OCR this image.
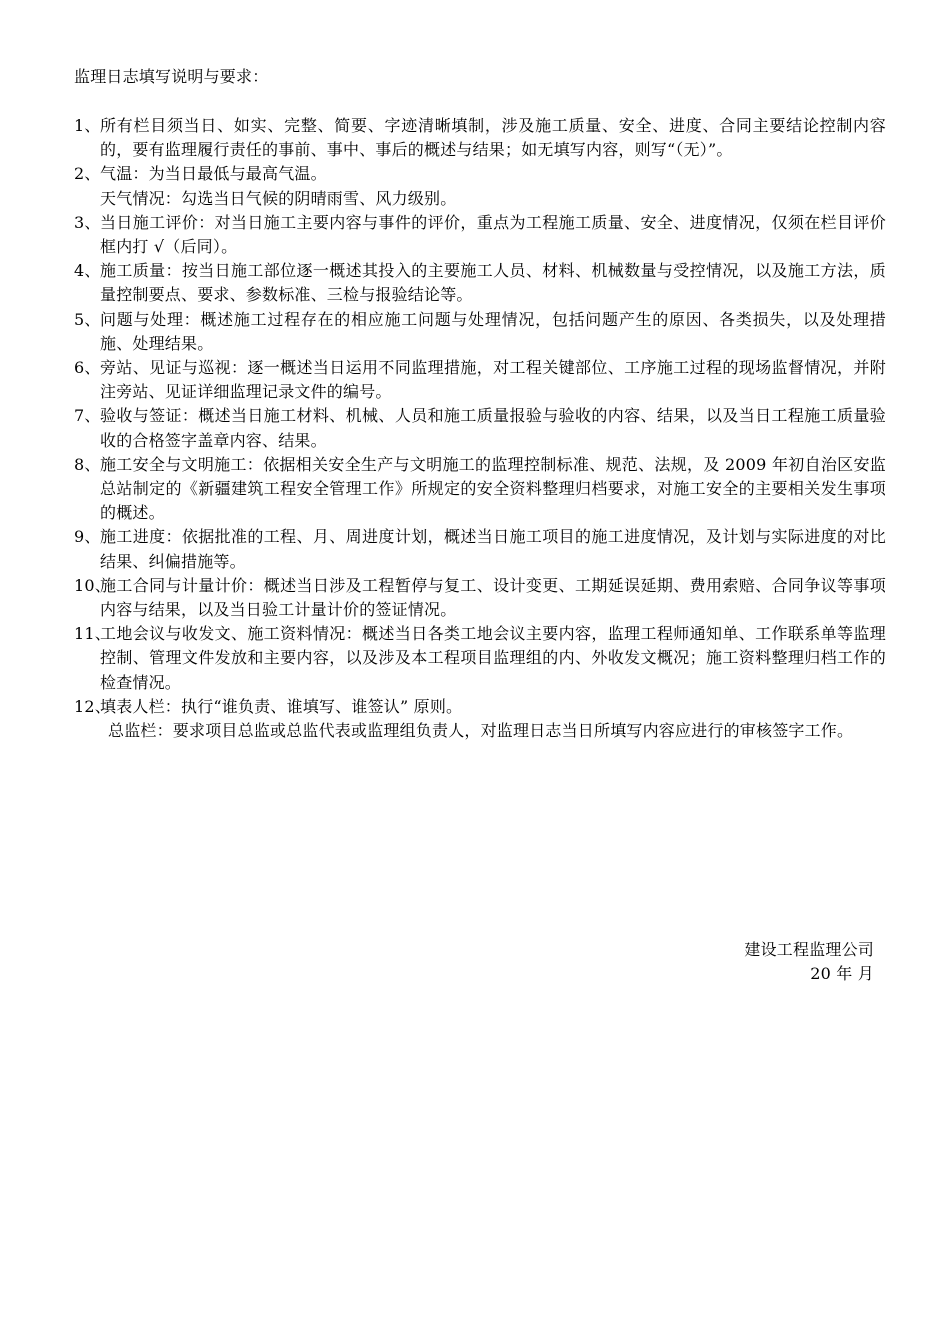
监理日志填写说明与要求：
1、 所有栏目须当日、如实、完整、简要、字迹清晰填制，涉及施工质量、安全、进度、合同主要结论控制内容的，要有监理履行责任的事前、事中、事后的概述与结果；如无填写内容，则写“（无）”。
2、 气温：为当日最低与最高气温。
天气情况：勾选当日气候的阴晴雨雪、风力级别。
3、 当日施工评价：对当日施工主要内容与事件的评价，重点为工程施工质量、安全、进度情况，仅须在栏目评价框内打 √（后同）。
4、 施工质量：按当日施工部位逐一概述其投入的主要施工人员、材料、机械数量与受控情况，以及施工方法，质量控制要点、要求、参数标准、三检与报验结论等。
5、 问题与处理：概述施工过程存在的相应施工问题与处理情况，包括问题产生的原因、各类损失，以及处理措施、处理结果。
6、 旁站、见证与巡视：逐一概述当日运用不同监理措施，对工程关键部位、工序施工过程的现场监督情况，并附注旁站、见证详细监理记录文件的编号。
7、 验收与签证：概述当日施工材料、机械、人员和施工质量报验与验收的内容、结果，以及当日工程施工质量验收的合格签字盖章内容、结果。
8、 施工安全与文明施工：依据相关安全生产与文明施工的监理控制标准、规范、法规，及 2009 年初自治区安监总站制定的《新疆建筑工程安全管理工作》所规定的安全资料整理归档要求，对施工安全的主要相关发生事项的概述。
9、 施工进度：依据批准的工程、月、周进度计划，概述当日施工项目的施工进度情况，及计划与实际进度的对比结果、纠偏措施等。
10、
施工合同与计量计价：概述当日涉及工程暂停与复工、设计变更、工期延误延期、费用索赔、合同争议等事项内容与结果，以及当日验工计量计价的签证情况。
11、
工地会议与收发文、施工资料情况：概述当日各类工地会议主要内容，监理工程师通知单、工作联系单等监理控制、管理文件发放和主要内容，以及涉及本工程项目监理组的内、外收发文概况；施工资料整理归档工作的检查情况。
12、
填表人栏：执行“谁负责、谁填写、谁签认” 原则。
总监栏：要求项目总监或总监代表或监理组负责人，对监理日志当日所填写内容应进行的审核签字工作。
建设工程监理公司
20 年 月
